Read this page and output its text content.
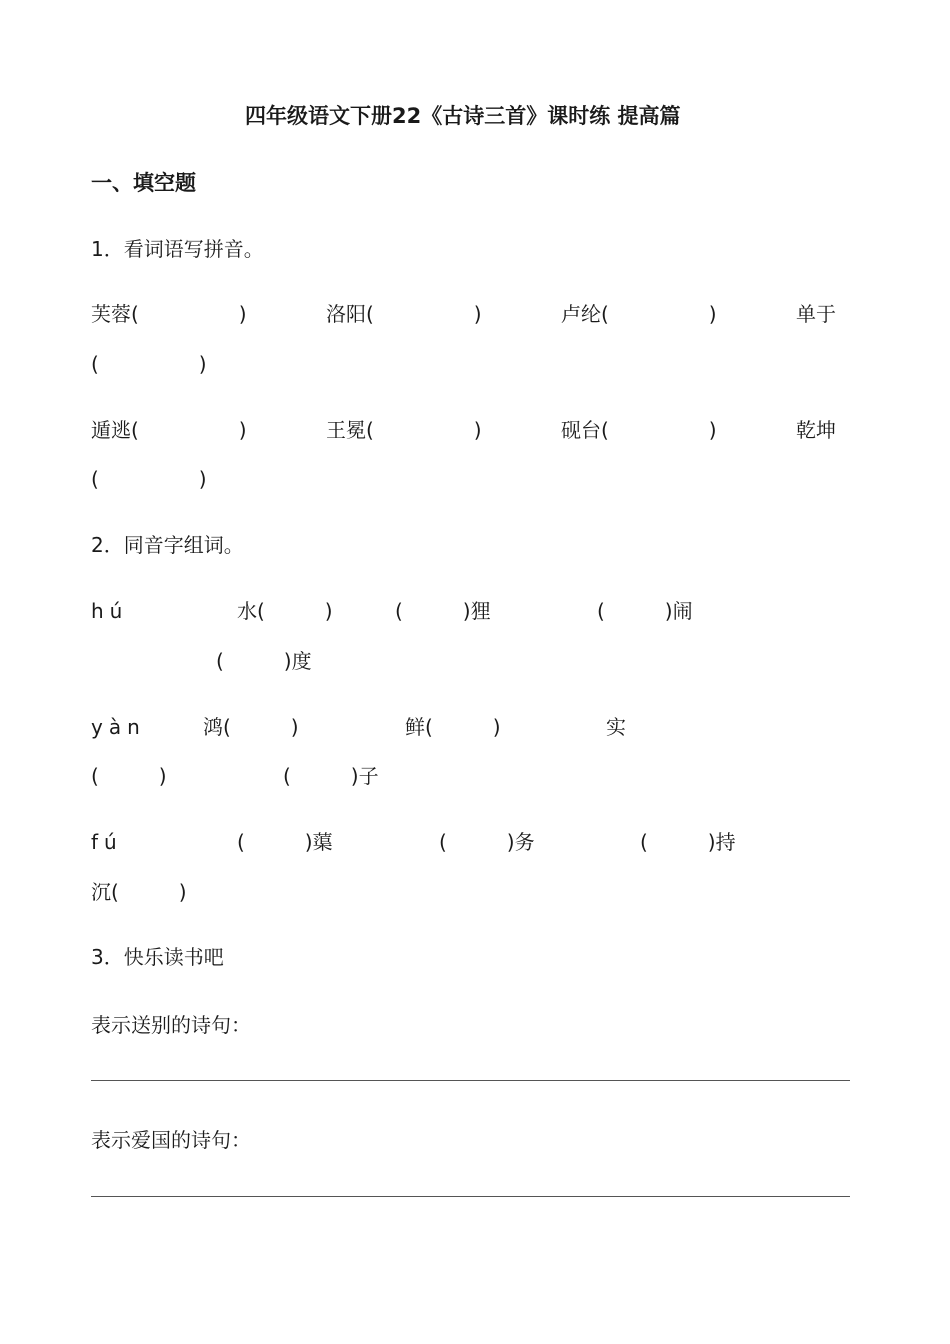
四年级语文下册22《古诗三首》课时练 提高篇
一、填空题
1．看词语写拼音。
芙蓉(　　　　　)	洛阳(　　　　　)	卢纶(　　　　　)	单于
(　　　　　)
遁逃(　　　　　)	王冕(　　　　　)	砚台(　　　　　)	乾坤
(　　　　　)
2．同音字组词。
hú	水(　　　)	(　　　)狸	(　　　)闹
(　　　)度
yàn	鸿(　　　)	鲜(　　　)	实
(　　　)	(　　　)子
fú	(　　　)蕖	(　　　)务	(　　　)持
沉(　　　)
3．快乐读书吧
表示送别的诗句：
表示爱国的诗句：
